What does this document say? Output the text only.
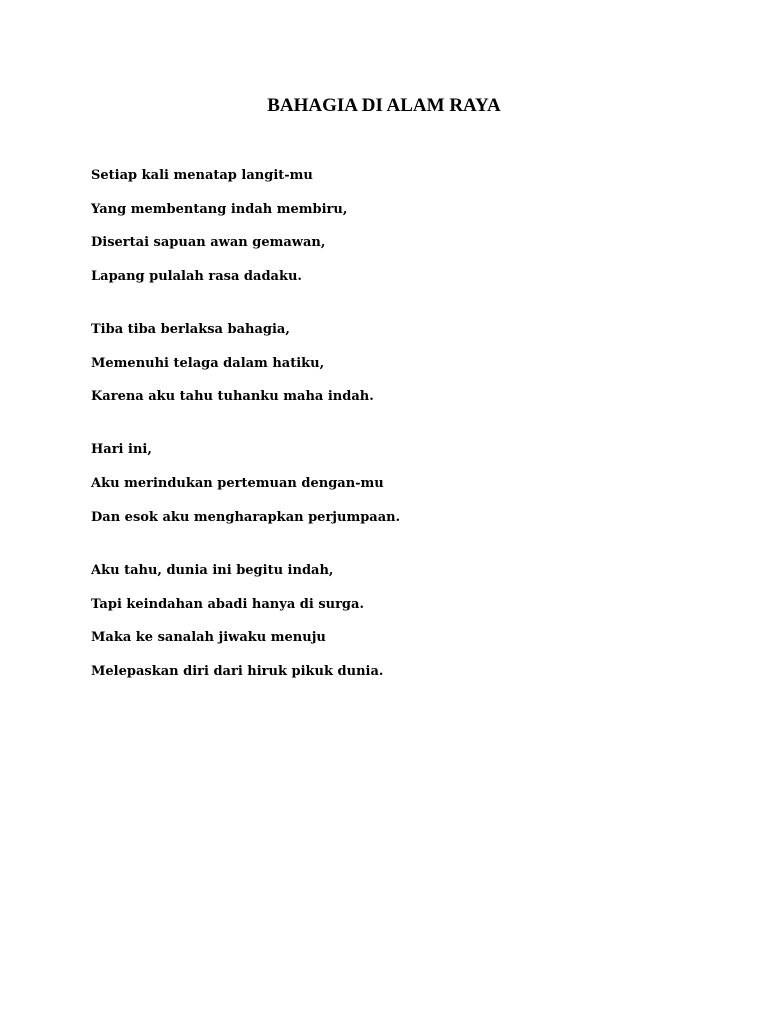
BAHAGIA DI ALAM RAYA
Setiap kali menatap langit-mu
Yang membentang indah membiru,
Disertai sapuan awan gemawan,
Lapang pulalah rasa dadaku.
Tiba tiba berlaksa bahagia,
Memenuhi telaga dalam hatiku,
Karena aku tahu tuhanku maha indah.
Hari ini,
Aku merindukan pertemuan dengan-mu
Dan esok aku mengharapkan perjumpaan.
Aku tahu, dunia ini begitu indah,
Tapi keindahan abadi hanya di surga.
Maka ke sanalah jiwaku menuju
Melepaskan diri dari hiruk pikuk dunia.
